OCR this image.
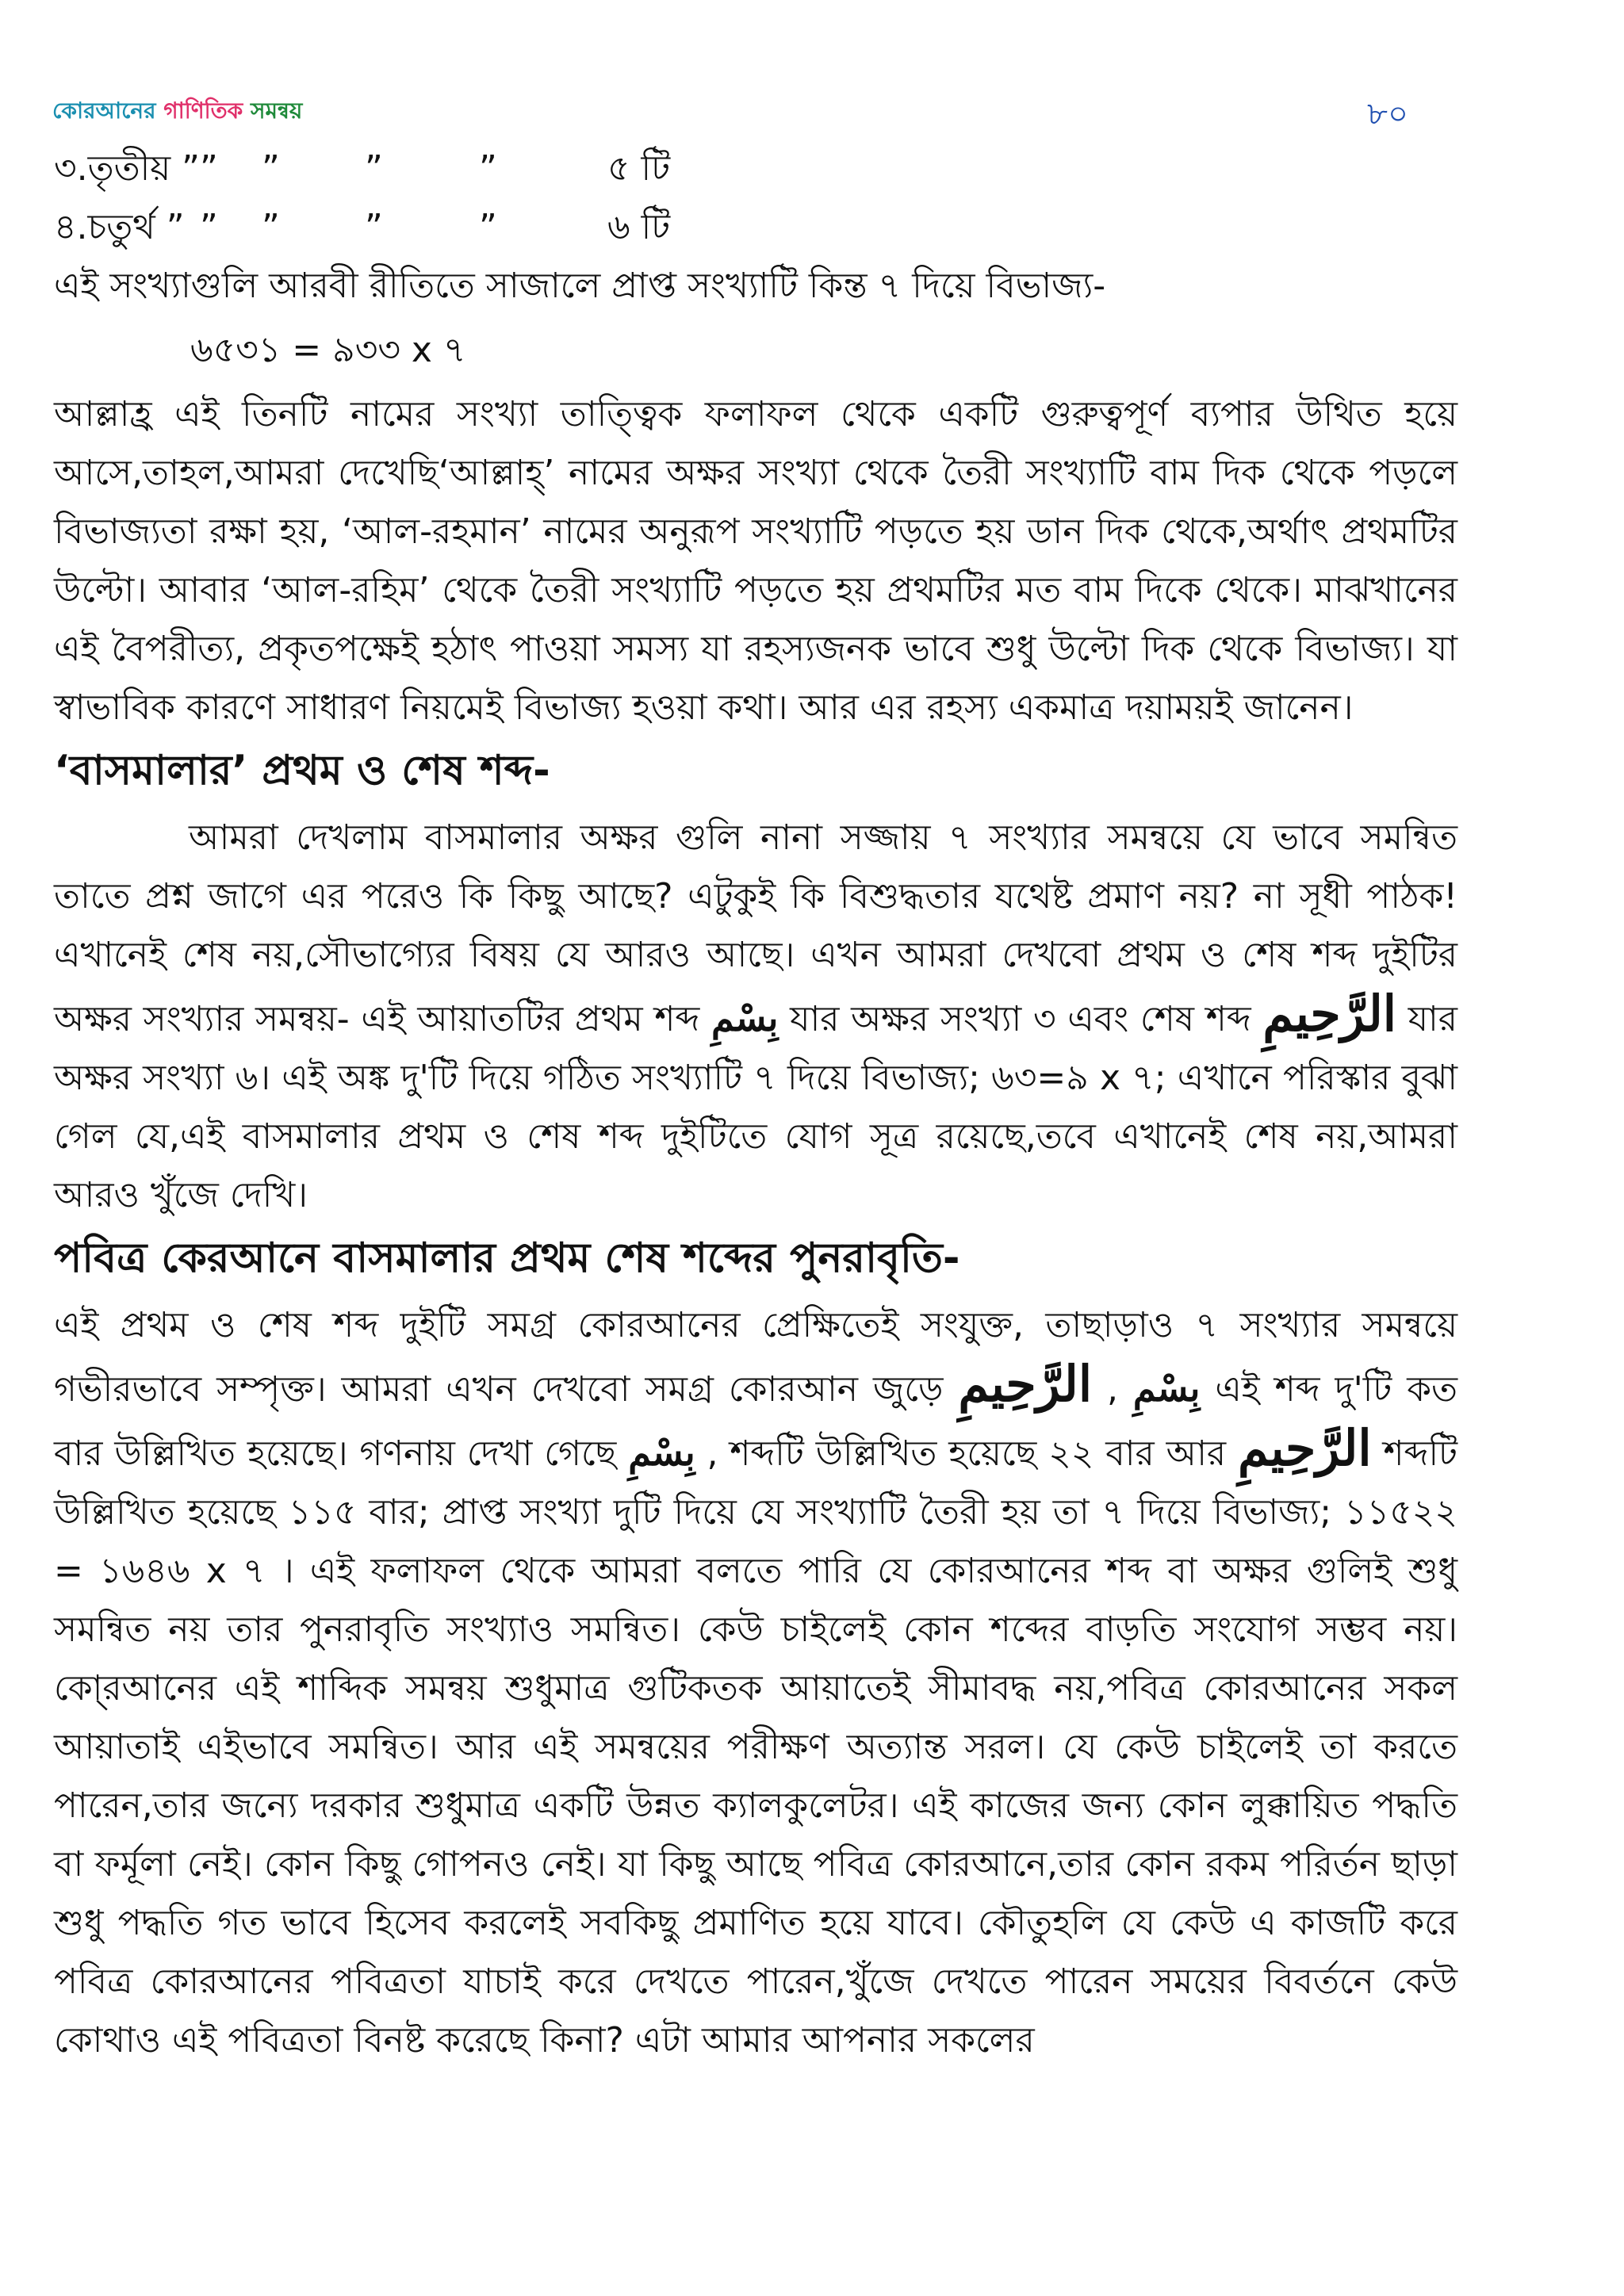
কোরআনের গাণিতিক সমন্বয়	৮০
৩.তৃতীয় ”” ” ”	”	৫ টি
৪.চতুর্থ ” ” ” ”	”	৬ টি
এই সংখ্যাগুলি আরবী রীতিতে সাজালে প্রাপ্ত সংখ্যাটি কিন্ত ৭ দিয়ে বিভাজ্য-
৬৫৩১ = ৯৩৩ x ৭

আল্লাহ্র এই তিনটি নামের সংখ্যা তাত্ত্বিক ফলাফল থেকে একটি গুরুত্বপূর্ণ ব্যপার উথিত হয়ে আসে,তাহল,আমরা দেখেছি‘আল্লাহ্’ নামের অক্ষর সংখ্যা থেকে তৈরী সংখ্যাটি বাম দিক থেকে পড়লে বিভাজ্যতা রক্ষা হয়, ‘আল-রহমান’ নামের অনুরূপ সংখ্যাটি পড়তে হয় ডান দিক থেকে,অর্থাৎ প্রথমটির উল্টো। আবার ‘আল-রহিম’ থেকে তৈরী সংখ্যাটি পড়তে হয় প্রথমটির মত বাম দিকে থেকে। মাঝখানের এই বৈপরীত্য, প্রকৃতপক্ষেই হঠাৎ পাওয়া সমস্য যা রহস্যজনক ভাবে শুধু উল্টো দিক থেকে বিভাজ্য। যা স্বাভাবিক কারণে সাধারণ নিয়মেই বিভাজ্য হওয়া কথা। আর এর রহস্য একমাত্র দয়াময়ই জানেন।

‘বাসমালার’ প্রথম ও শেষ শব্দ-

আমরা দেখলাম বাসমালার অক্ষর গুলি নানা সজ্জায় ৭ সংখ্যার সমন্বয়ে যে ভাবে সমন্বিত তাতে প্রশ্ন জাগে এর পরেও কি কিছু আছে? এটুকুই কি বিশুদ্ধতার যথেষ্ট প্রমাণ নয়? না সূধী পাঠক! এখানেই শেষ নয়,সৌভাগ্যের বিষয় যে আরও আছে। এখন আমরা দেখবো প্রথম ও শেষ শব্দ দুইটির অক্ষর সংখ্যার সমন্বয়- এই আয়াতটির প্রথম শব্দ بِسْمِ যার অক্ষর সংখ্যা ৩ এবং শেষ শব্দ الرَّحِيمِ যার অক্ষর সংখ্যা ৬। এই অঙ্ক দু'টি দিয়ে গঠিত সংখ্যাটি ৭ দিয়ে বিভাজ্য; ৬৩=৯ x ৭; এখানে পরিস্কার বুঝা গেল যে,এই বাসমালার প্রথম ও শেষ শব্দ দুইটিতে যোগ সূত্র রয়েছে,তবে এখানেই শেষ নয়,আমরা আরও খুঁজে দেখি।

পবিত্র কেরআনে বাসমালার প্রথম শেষ শব্দের পুনরাবৃতি-

এই প্রথম ও শেষ শব্দ দুইটি সমগ্র কোরআনের প্রেক্ষিতেই সংযুক্ত, তাছাড়াও ৭ সংখ্যার সমন্বয়ে গভীরভাবে সম্পৃক্ত। আমরা এখন দেখবো সমগ্র কোরআন জুড়ে	بِسْمِ , الرَّحِيمِ	এই শব্দ দু'টি কত বার উল্লিখিত হয়েছে। গণনায় দেখা গেছে بِسْمِ , শব্দটি উল্লিখিত হয়েছে ২২ বার আর الرَّحِيمِ শব্দটি উল্লিখিত হয়েছে ১১৫ বার; প্রাপ্ত সংখ্যা দুটি দিয়ে যে সংখ্যাটি তৈরী হয় তা ৭ দিয়ে বিভাজ্য; ১১৫২২ = ১৬৪৬ x ৭ । এই ফলাফল থেকে আমরা বলতে পারি যে কোরআনের শব্দ বা অক্ষর গুলিই শুধু সমন্বিত নয় তার পুনরাবৃতি সংখ্যাও সমন্বিত। কেউ চাইলেই কোন শব্দের বাড়তি সংযোগ সম্ভব নয়। কো্রআনের এই শাব্দিক সমন্বয় শুধুমাত্র গুটিকতক আয়াতেই সীমাবদ্ধ নয়,পবিত্র কোরআনের সকল আয়াতাই এইভাবে সমন্বিত। আর এই সমন্বয়ের পরীক্ষণ অত্যান্ত সরল। যে কেউ চাইলেই তা করতে পারেন,তার জন্যে দরকার শুধুমাত্র একটি উন্নত ক্যালকুলেটর। এই কাজের জন্য কোন লুক্কায়িত পদ্ধতি বা ফর্মূলা নেই। কোন কিছু গোপনও নেই। যা কিছু আছে পবিত্র কোরআনে,তার কোন রকম পরির্তন ছাড়া শুধু পদ্ধতি গত ভাবে হিসেব করলেই সবকিছু প্রমাণিত হয়ে যাবে। কৌতুহলি যে কেউ এ কাজটি করে পবিত্র কোরআনের পবিত্রতা যাচাই করে দেখতে পারেন,খুঁজে দেখতে পারেন সময়ের বিবর্তনে কেউ কোথাও এই পবিত্রতা বিনষ্ট করেছে কিনা? এটা আমার আপনার সকলের
